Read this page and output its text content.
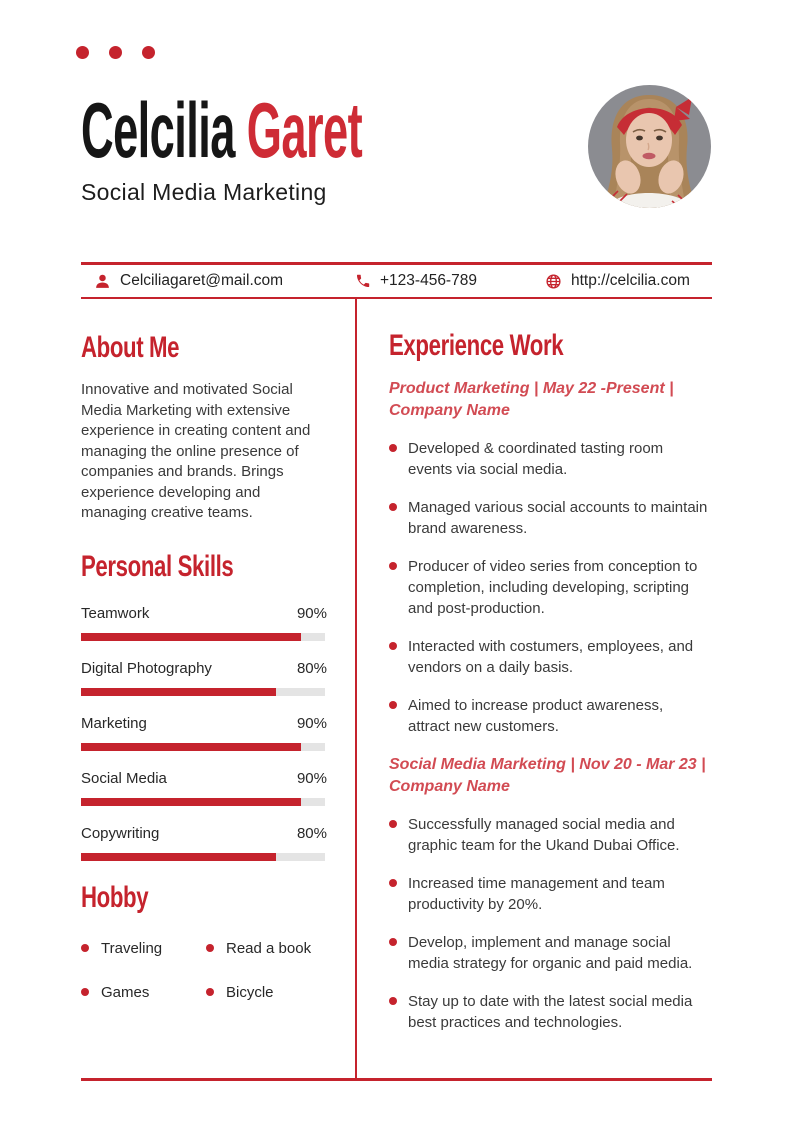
Celcilia Garet
Social Media Marketing
Celciliagaret@mail.com	+123-456-789	http://celcilia.com
About Me

Innovative and motivated Social Media Marketing with extensive experience in creating content and managing the online presence of companies and brands. Brings experience developing and managing creative teams.

Personal Skills
Teamwork	90%
Digital Photography	80%
Marketing	90%
Social Media	90%
Copywriting	80%
Hobby
Traveling	Read a book
Games	Bicycle
Experience Work

Product Marketing | May 22 -Present | Company Name

Developed & coordinated tasting room events via social media.

Managed various social accounts to maintain brand awareness.

Producer of video series from conception to completion, including developing, scripting and post-production.

Interacted with costumers, employees, and vendors on a daily basis.

Aimed to increase product awareness, attract new customers.

Social Media Marketing | Nov 20 - Mar 23 | Company Name

Successfully managed social media and graphic team for the Ukand Dubai Office.

Increased time management and team productivity by 20%.

Develop, implement and manage social media strategy for organic and paid media.

Stay up to date with the latest social media best practices and technologies.
